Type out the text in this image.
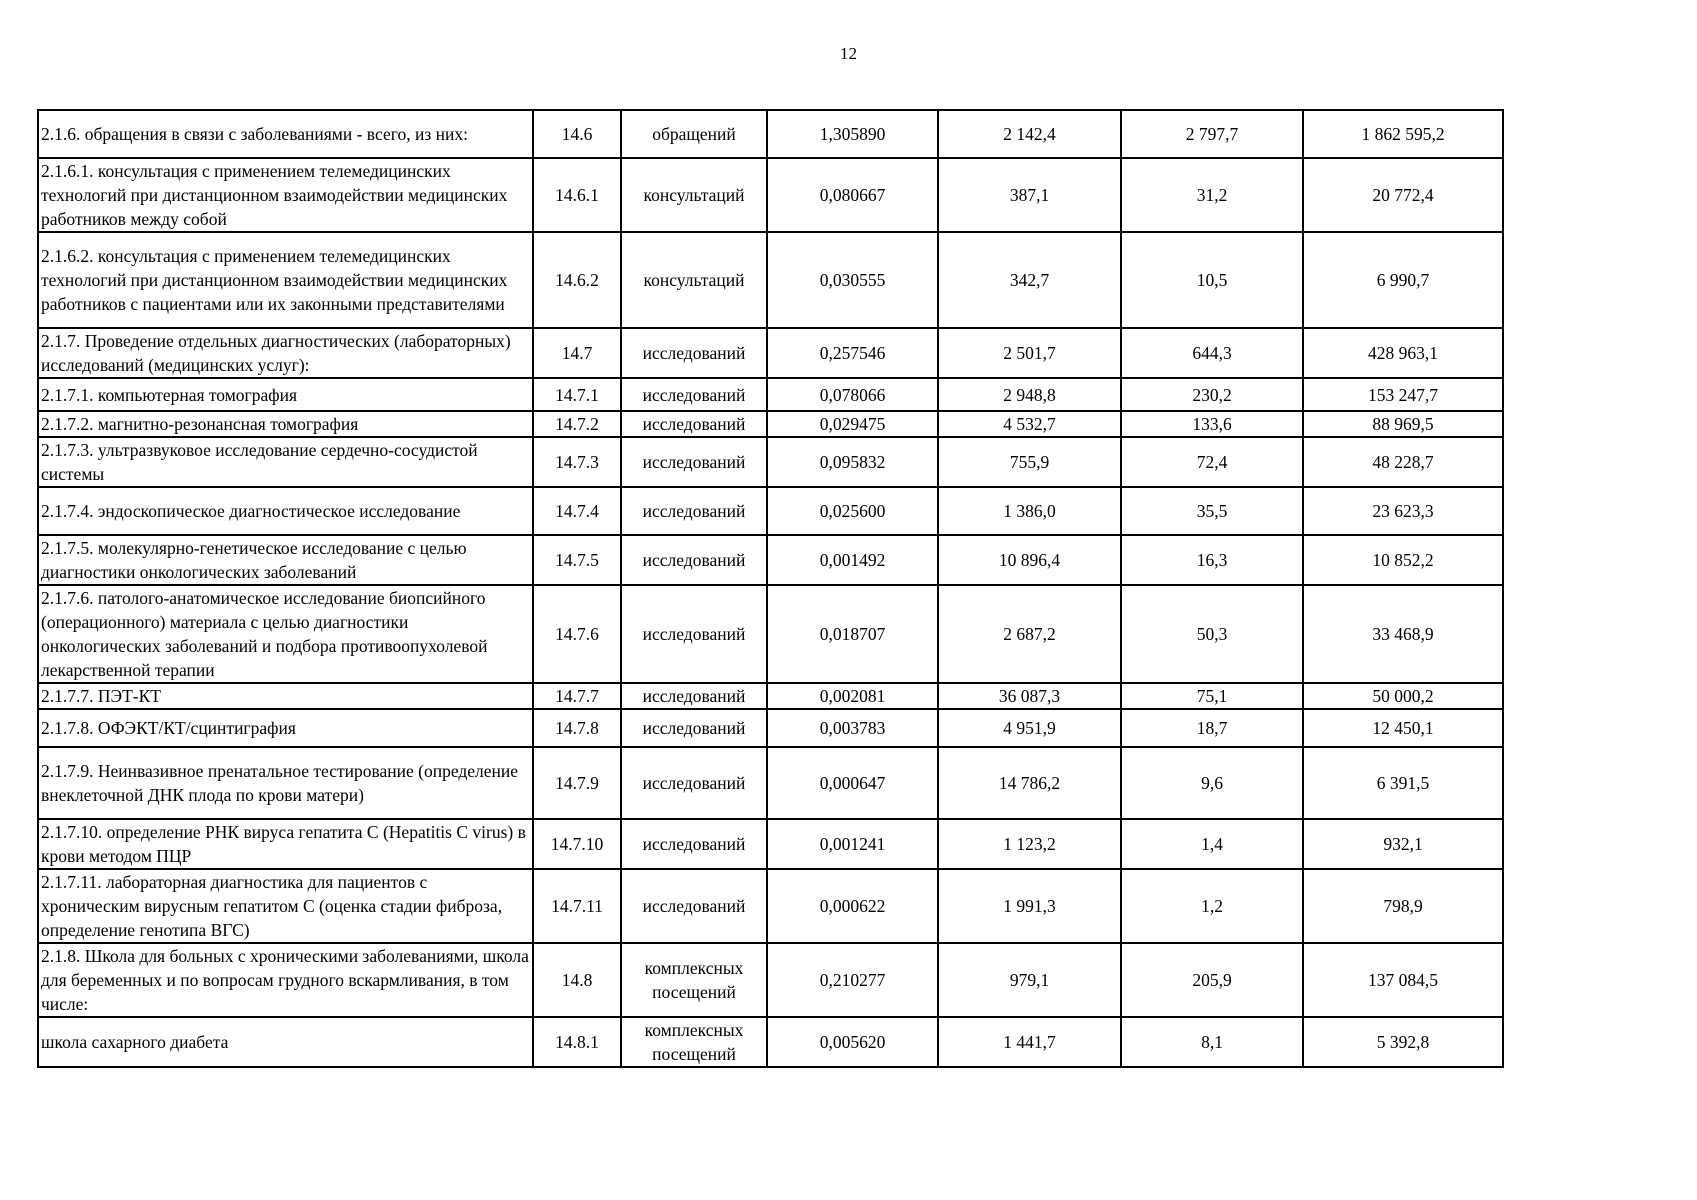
12
2.1.6. обращения в связи с заболеваниями - всего, из них:	14.6	обращений	1,305890	2 142,4	2 797,7	1 862 595,2
2.1.6.1. консультация с применением телемедицинских технологий при дистанционном взаимодействии медицинских работников между собой	14.6.1	консультаций	0,080667	387,1	31,2	20 772,4
2.1.6.2. консультация с применением телемедицинских технологий при дистанционном взаимодействии медицинских работников с пациентами или их законными представителями	14.6.2	консультаций	0,030555	342,7	10,5	6 990,7
2.1.7. Проведение отдельных диагностических (лабораторных) исследований (медицинских услуг):	14.7	исследований	0,257546	2 501,7	644,3	428 963,1
2.1.7.1. компьютерная томография	14.7.1	исследований	0,078066	2 948,8	230,2	153 247,7
2.1.7.2. магнитно-резонансная томография	14.7.2	исследований	0,029475	4 532,7	133,6	88 969,5
2.1.7.3. ультразвуковое исследование сердечно-сосудистой системы	14.7.3	исследований	0,095832	755,9	72,4	48 228,7
2.1.7.4. эндоскопическое диагностическое исследование	14.7.4	исследований	0,025600	1 386,0	35,5	23 623,3
2.1.7.5. молекулярно-генетическое исследование с целью диагностики онкологических заболеваний	14.7.5	исследований	0,001492	10 896,4	16,3	10 852,2
2.1.7.6. патолого-анатомическое исследование биопсийного (операционного) материала с целью диагностики онкологических заболеваний и подбора противоопухолевой лекарственной терапии	14.7.6	исследований	0,018707	2 687,2	50,3	33 468,9
2.1.7.7. ПЭТ-КТ	14.7.7	исследований	0,002081	36 087,3	75,1	50 000,2
2.1.7.8. ОФЭКТ/КТ/сцинтиграфия	14.7.8	исследований	0,003783	4 951,9	18,7	12 450,1
2.1.7.9. Неинвазивное пренатальное тестирование (определение внеклеточной ДНК плода по крови матери)	14.7.9	исследований	0,000647	14 786,2	9,6	6 391,5
2.1.7.10. определение РНК вируса гепатита С (Hepatitis C virus) в крови методом ПЦР	14.7.10	исследований	0,001241	1 123,2	1,4	932,1
2.1.7.11. лабораторная диагностика для пациентов с хроническим вирусным гепатитом С (оценка стадии фиброза, определение генотипа ВГС)	14.7.11	исследований	0,000622	1 991,3	1,2	798,9
2.1.8. Школа для больных с хроническими заболеваниями, школа для беременных и по вопросам грудного вскармливания, в том числе:	14.8	комплексных посещений	0,210277	979,1	205,9	137 084,5
школа сахарного диабета	14.8.1	комплексных посещений	0,005620	1 441,7	8,1	5 392,8
